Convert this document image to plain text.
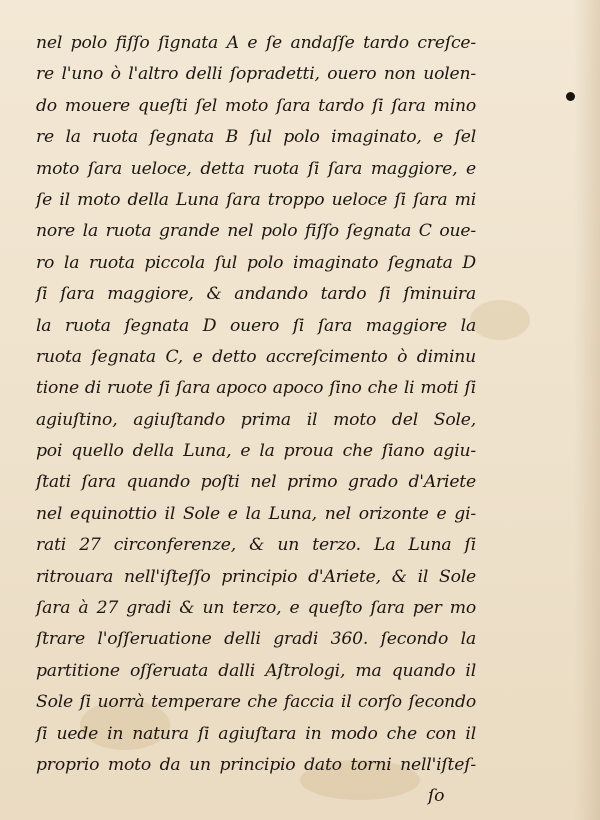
nel polo fiſſo ſignata A e ſe andaſſe tardo creſce-
re l'uno ò l'altro delli ſopradetti, ouero non uolen-
do mouere queſti ſel moto ſara tardo ſi ſara mino
re la ruota ſegnata B ſul polo imaginato, e ſel
moto ſara ueloce, detta ruota ſi ſara maggiore, e
ſe il moto della Luna ſara troppo ueloce ſi ſara mi
nore la ruota grande nel polo fiſſo ſegnata C oue-
ro la ruota piccola ſul polo imaginato ſegnata D
ſi ſara maggiore, & andando tardo ſi ſminuira
la ruota ſegnata D ouero ſi ſara maggiore la
ruota ſegnata C, e detto accreſcimento ò diminu
tione di ruote ſi ſara apoco apoco ſino che li moti ſi
agiuſtino, agiuſtando prima il moto del Sole,
poi quello della Luna, e la proua che ſiano agiu-
ſtati ſara quando poſti nel primo grado d'Ariete
nel equinottio il Sole e la Luna, nel orizonte e gi-
rati 27 circonferenze, & un terzo. La Luna ſi
ritrouara nell'iſteſſo principio d'Ariete, & il Sole
ſara à 27 gradi & un terzo, e queſto ſara per mo
ſtrare l'oſſeruatione delli gradi 360. ſecondo la
partitione oſſeruata dalli Aſtrologi, ma quando il
Sole ſi uorrà temperare che faccia il corſo ſecondo
ſi uede in natura ſi agiuſtara in modo che con il
proprio moto da un principio dato torni nell'iſteſ-
ſo
